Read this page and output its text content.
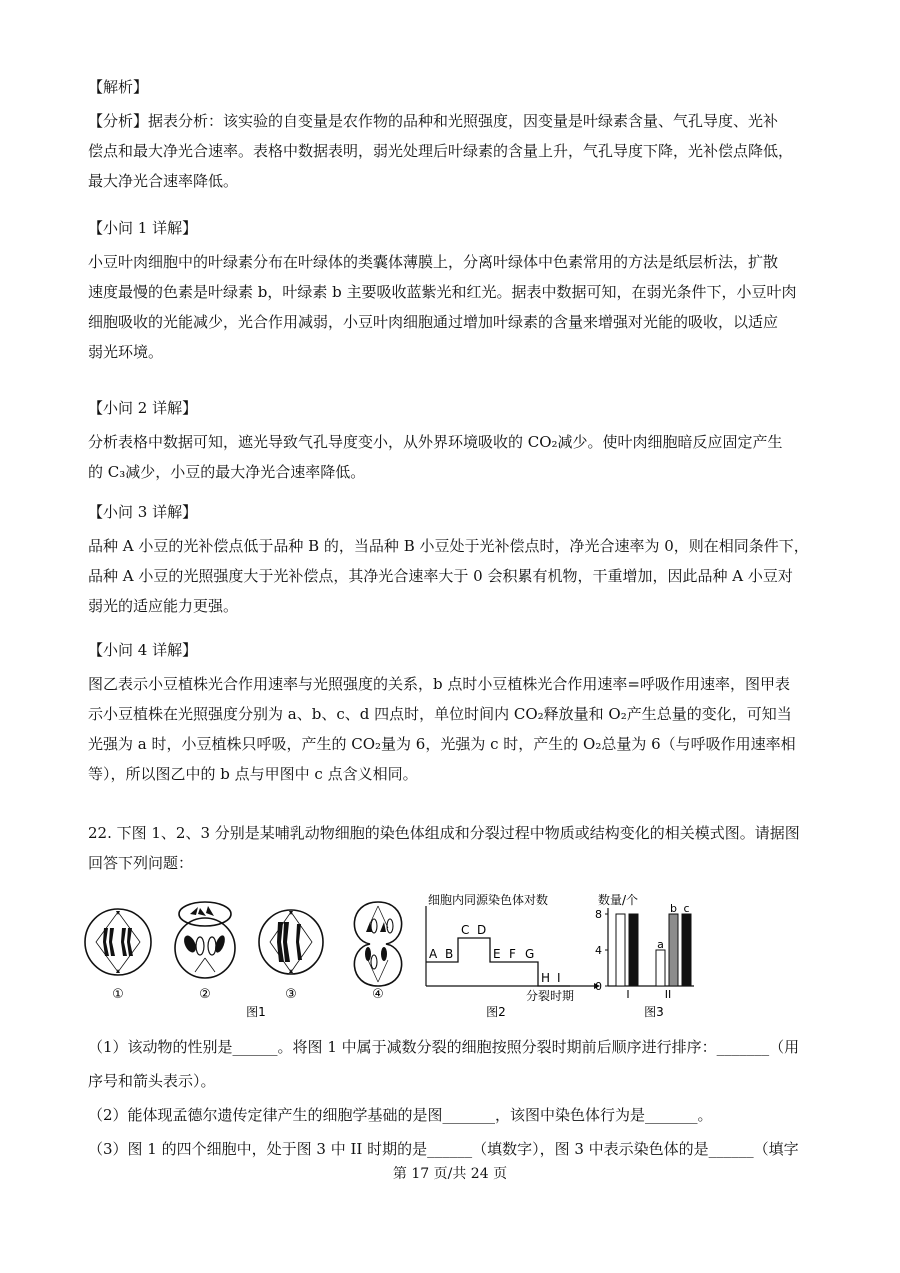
【解析】

【分析】据表分析：该实验的自变量是农作物的品种和光照强度，因变量是叶绿素含量、气孔导度、光补
偿点和最大净光合速率。表格中数据表明，弱光处理后叶绿素的含量上升，气孔导度下降，光补偿点降低，
最大净光合速率降低。

【小问 1 详解】

小豆叶肉细胞中的叶绿素分布在叶绿体的类囊体薄膜上，分离叶绿体中色素常用的方法是纸层析法，扩散
速度最慢的色素是叶绿素 b，叶绿素 b 主要吸收蓝紫光和红光。据表中数据可知，在弱光条件下，小豆叶肉
细胞吸收的光能减少，光合作用减弱，小豆叶肉细胞通过增加叶绿素的含量来增强对光能的吸收，以适应
弱光环境。

【小问 2 详解】

分析表格中数据可知，遮光导致气孔导度变小，从外界环境吸收的 CO₂减少。使叶肉细胞暗反应固定产生
的 C₃减少，小豆的最大净光合速率降低。

【小问 3 详解】

品种 A 小豆的光补偿点低于品种 B 的，当品种 B 小豆处于光补偿点时，净光合速率为 0，则在相同条件下，
品种 A 小豆的光照强度大于光补偿点，其净光合速率大于 0 会积累有机物，干重增加，因此品种 A 小豆对
弱光的适应能力更强。

【小问 4 详解】

图乙表示小豆植株光合作用速率与光照强度的关系，b 点时小豆植株光合作用速率=呼吸作用速率，图甲表
示小豆植株在光照强度分别为 a、b、c、d 四点时，单位时间内 CO₂释放量和 O₂产生总量的变化，可知当
光强为 a 时，小豆植株只呼吸，产生的 CO₂量为 6，光强为 c 时，产生的 O₂总量为 6（与呼吸作用速率相
等），所以图乙中的 b 点与甲图中 c 点含义相同。
22. 下图 1、2、3 分别是某哺乳动物细胞的染色体组成和分裂过程中物质或结构变化的相关模式图。请据图
回答下列问题：
①	②	③	④
图1
细胞内同源染色体对数
A B
C D
E F G
H I
分裂时期
图2
数量/个
0
4
8
I
a
b c
II
图3
（1）该动物的性别是______。将图 1 中属于减数分裂的细胞按照分裂时期前后顺序进行排序：_______（用
序号和箭头表示）。
（2）能体现孟德尔遗传定律产生的细胞学基础的是图_______，该图中染色体行为是_______。
（3）图 1 的四个细胞中，处于图 3 中 II 时期的是______（填数字），图 3 中表示染色体的是______（填字
第 17 页/共 24 页
